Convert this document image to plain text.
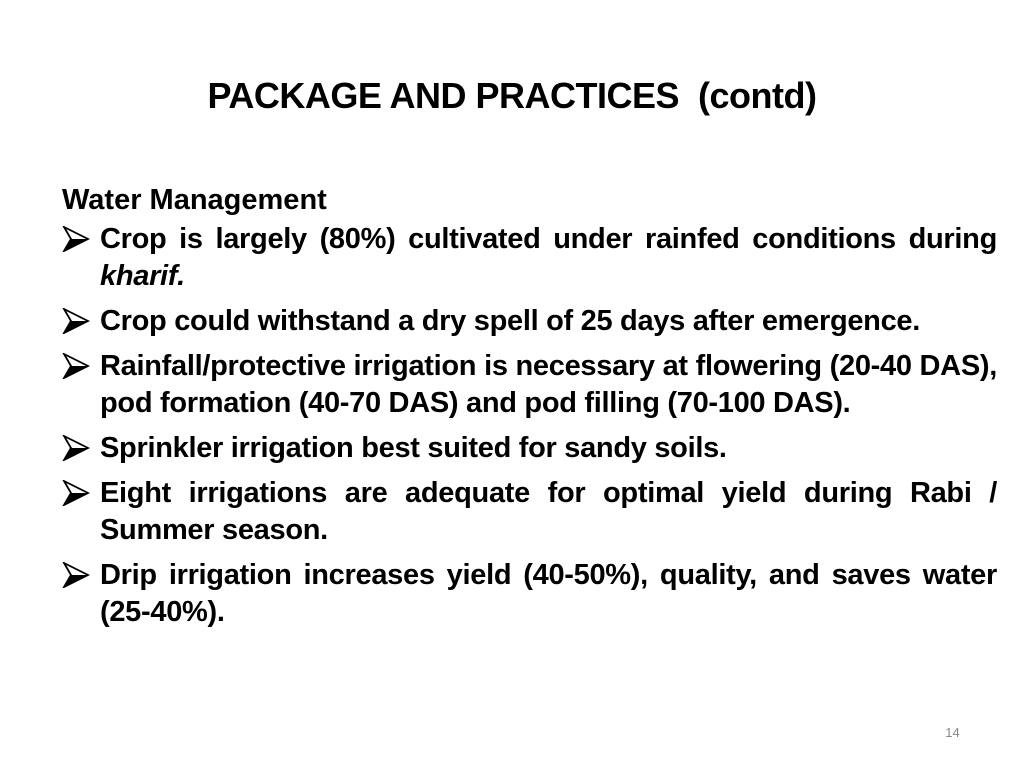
PACKAGE AND PRACTICES  (contd)
Water Management
Crop is largely (80%) cultivated under rainfed conditions during kharif.
Crop could withstand a dry spell of 25 days after emergence.
Rainfall/protective irrigation is necessary at flowering (20-40 DAS), pod formation (40-70 DAS) and pod filling (70-100 DAS).
Sprinkler irrigation best suited for sandy soils.
Eight irrigations are adequate for optimal yield during Rabi / Summer season.
Drip irrigation increases yield (40-50%), quality, and saves water (25-40%).
14
